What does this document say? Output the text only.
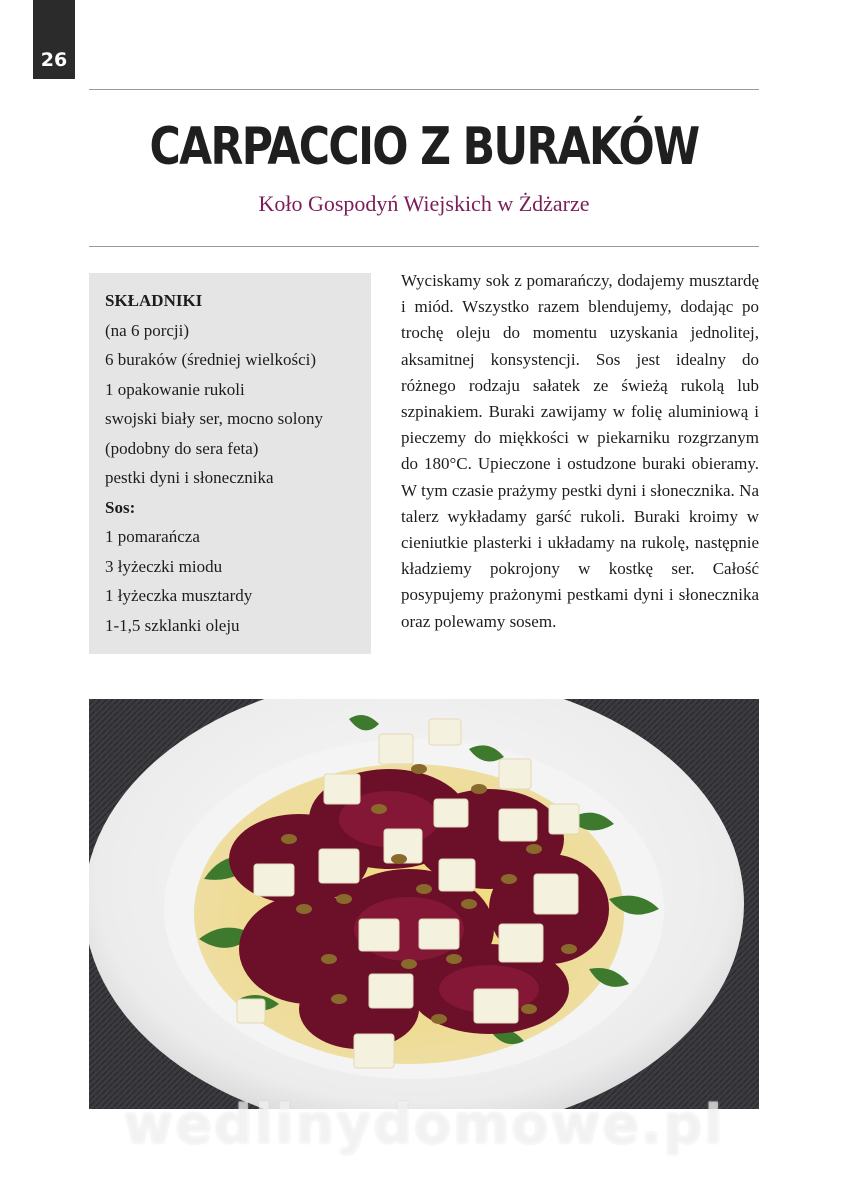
26
CARPACCIO Z BURAKÓW
Koło Gospodyń Wiejskich w Żdżarze
SKŁADNIKI
(na 6 porcji)
6 buraków (średniej wielkości)
1 opakowanie rukoli
swojski biały ser, mocno solony
(podobny do sera feta)
pestki dyni i słonecznika
Sos:
1 pomarańcza
3 łyżeczki miodu
1 łyżeczka musztardy
1-1,5 szklanki oleju
Wyciskamy sok z pomarańczy, dodajemy musztardę i miód. Wszystko razem blendujemy, dodając po trochę oleju do momentu uzyskania jednolitej, aksamitnej konsystencji. Sos jest idealny do różnego rodzaju sałatek ze świeżą rukolą lub szpinakiem. Buraki zawijamy w folię aluminiową i pieczemy do miękkości w piekarniku rozgrzanym do 180°C. Upieczone i ostudzone buraki obieramy. W tym czasie prażymy pestki dyni i słonecznika. Na talerz wykładamy garść rukoli. Buraki kroimy w cieniutkie plasterki i układamy na rukolę, następnie kładziemy pokrojony w kostkę ser. Całość posypujemy prażonymi pestkami dyni i słonecznika oraz polewamy sosem.
wedlinydomowe.pl
